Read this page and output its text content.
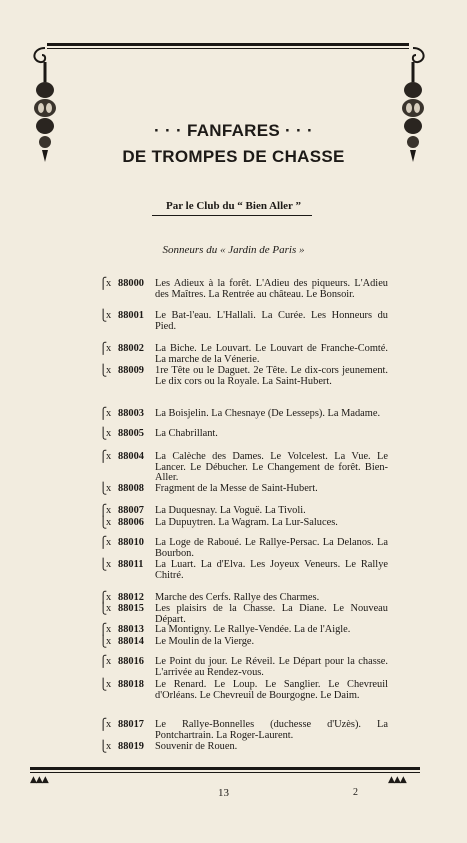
· · · FANFARES · · ·
DE TROMPES DE CHASSE
Par le Club du “ Bien Aller ”
Sonneurs du « Jardin de Paris »
⎧
x 88000 Les Adieux à la forêt. L'Adieu des piqueurs. L'Adieu des Maîtres. La Rentrée au château. Le Bonsoir.
⎩
x 88001 Le Bat-l'eau. L'Hallali. La Curée. Les Honneurs du Pied.
⎧
x 88002 La Biche. Le Louvart. Le Louvart de Franche-Comté. La marche de la Vénerie.
⎩
x 88009 1re Tête ou le Daguet. 2e Tête. Le dix-cors jeunement. Le dix cors ou la Royale. La Saint-Hubert.
⎧
x 88003 La Boisjelin. La Chesnaye (De Lesseps). La Madame.
⎩
x 88005 La Chabrillant.
⎧
x 88004 La Calèche des Dames. Le Volcelest. La Vue. Le Lancer. Le Débucher. Le Changement de forêt. Bien-Aller.
⎩
x 88008 Fragment de la Messe de Saint-Hubert.
⎧
x 88007 La Duquesnay. La Voguë. La Tivoli.
⎩
x 88006 La Dupuytren. La Wagram. La Lur-Saluces.
⎧
x 88010 La Loge de Raboué. Le Rallye-Persac. La Delanos. La Bourbon.
⎩
x 88011 La Luart. La d'Elva. Les Joyeux Veneurs. Le Rallye Chitré.
⎧
x 88012 Marche des Cerfs. Rallye des Charmes.
⎩
x 88015 Les plaisirs de la Chasse. La Diane. Le Nouveau Départ.
⎧
x 88013 La Montigny. Le Rallye-Vendée. La de l'Aigle.
⎩
x 88014 Le Moulin de la Vierge.
⎧
x 88016 Le Point du jour. Le Réveil. Le Départ pour la chasse. L'arrivée au Rendez-vous.
⎩
x 88018 Le Renard. Le Loup. Le Sanglier. Le Chevreuil d'Orléans. Le Chevreuil de Bourgogne. Le Daim.
⎧
x 88017 Le Rallye-Bonnelles (duchesse d'Uzès). La Pontchartrain. La Roger-Laurent.
⎩
x 88019 Souvenir de Rouen.
▲▲▲	▲▲▲
13	2
